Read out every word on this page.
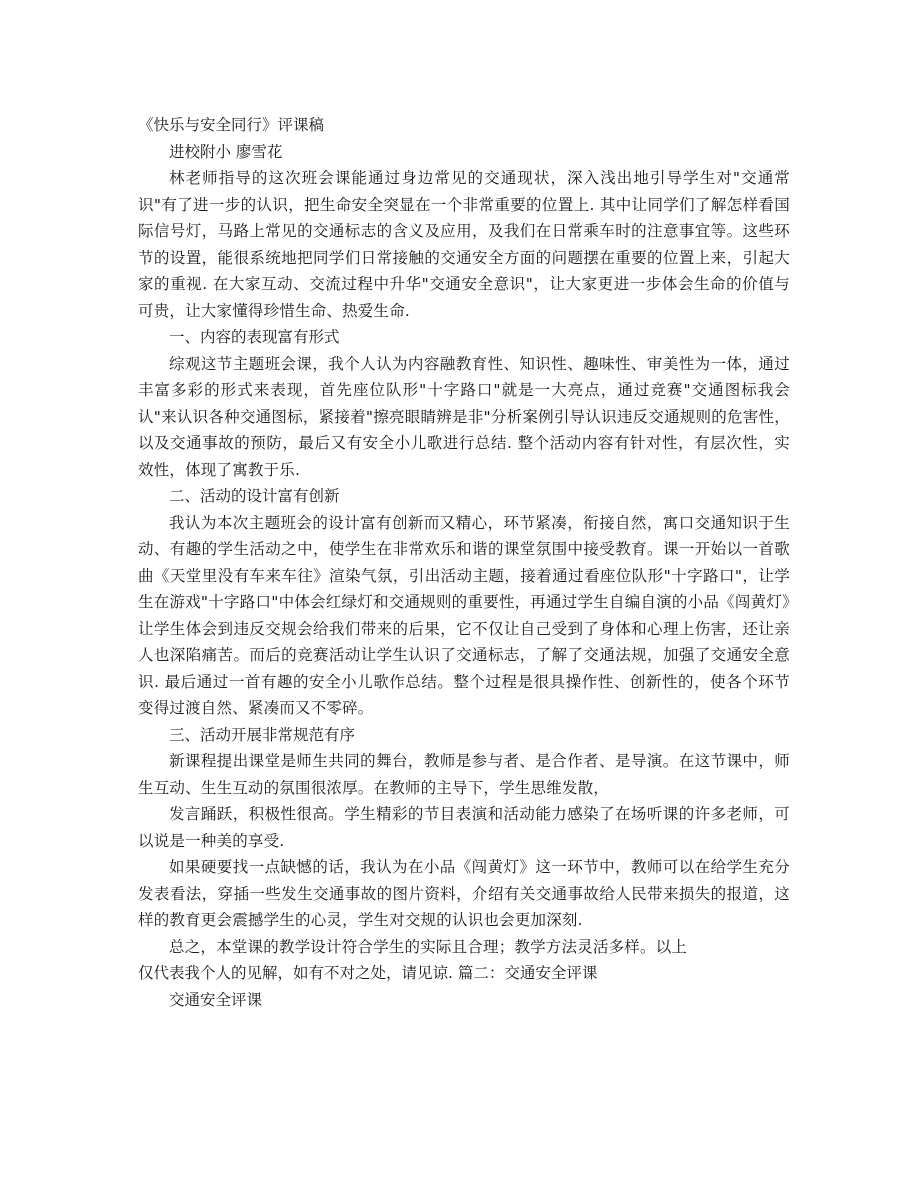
《快乐与安全同行》评课稿

进校附小 廖雪花

林老师指导的这次班会课能通过身边常见的交通现状，深入浅出地引导学生对"交通常识"有了进一步的认识，把生命安全突显在一个非常重要的位置上. 其中让同学们了解怎样看国际信号灯，马路上常见的交通标志的含义及应用，及我们在日常乘车时的注意事宜等。这些环节的设置，能很系统地把同学们日常接触的交通安全方面的问题摆在重要的位置上来，引起大家的重视. 在大家互动、交流过程中升华"交通安全意识"，让大家更进一步体会生命的价值与可贵，让大家懂得珍惜生命、热爱生命.

一、内容的表现富有形式

综观这节主题班会课，我个人认为内容融教育性、知识性、趣味性、审美性为一体，通过丰富多彩的形式来表现，首先座位队形"十字路口"就是一大亮点，通过竞赛"交通图标我会认"来认识各种交通图标，紧接着"擦亮眼睛辨是非"分析案例引导认识违反交通规则的危害性，以及交通事故的预防，最后又有安全小儿歌进行总结. 整个活动内容有针对性，有层次性，实效性，体现了寓教于乐.

二、活动的设计富有创新

我认为本次主题班会的设计富有创新而又精心，环节紧凑，衔接自然，寓口交通知识于生动、有趣的学生活动之中，使学生在非常欢乐和谐的课堂氛围中接受教育。课一开始以一首歌曲《天堂里没有车来车往》渲染气氛，引出活动主题，接着通过看座位队形"十字路口"，让学生在游戏"十字路口"中体会红绿灯和交通规则的重要性，再通过学生自编自演的小品《闯黄灯》让学生体会到违反交规会给我们带来的后果，它不仅让自己受到了身体和心理上伤害，还让亲人也深陷痛苦。而后的竞赛活动让学生认识了交通标志，了解了交通法规，加强了交通安全意识. 最后通过一首有趣的安全小儿歌作总结。整个过程是很具操作性、创新性的，使各个环节变得过渡自然、紧凑而又不零碎。

三、活动开展非常规范有序

新课程提出课堂是师生共同的舞台，教师是参与者、是合作者、是导演。在这节课中，师生互动、生生互动的氛围很浓厚。在教师的主导下，学生思维发散，

发言踊跃，积极性很高。学生精彩的节目表演和活动能力感染了在场听课的许多老师，可以说是一种美的享受.

如果硬要找一点缺憾的话，我认为在小品《闯黄灯》这一环节中，教师可以在给学生充分发表看法，穿插一些发生交通事故的图片资料，介绍有关交通事故给人民带来损失的报道，这样的教育更会震撼学生的心灵，学生对交规的认识也会更加深刻.

总之，本堂课的教学设计符合学生的实际且合理；教学方法灵活多样。以上

仅代表我个人的见解，如有不对之处，请见谅. 篇二：交通安全评课

交通安全评课
